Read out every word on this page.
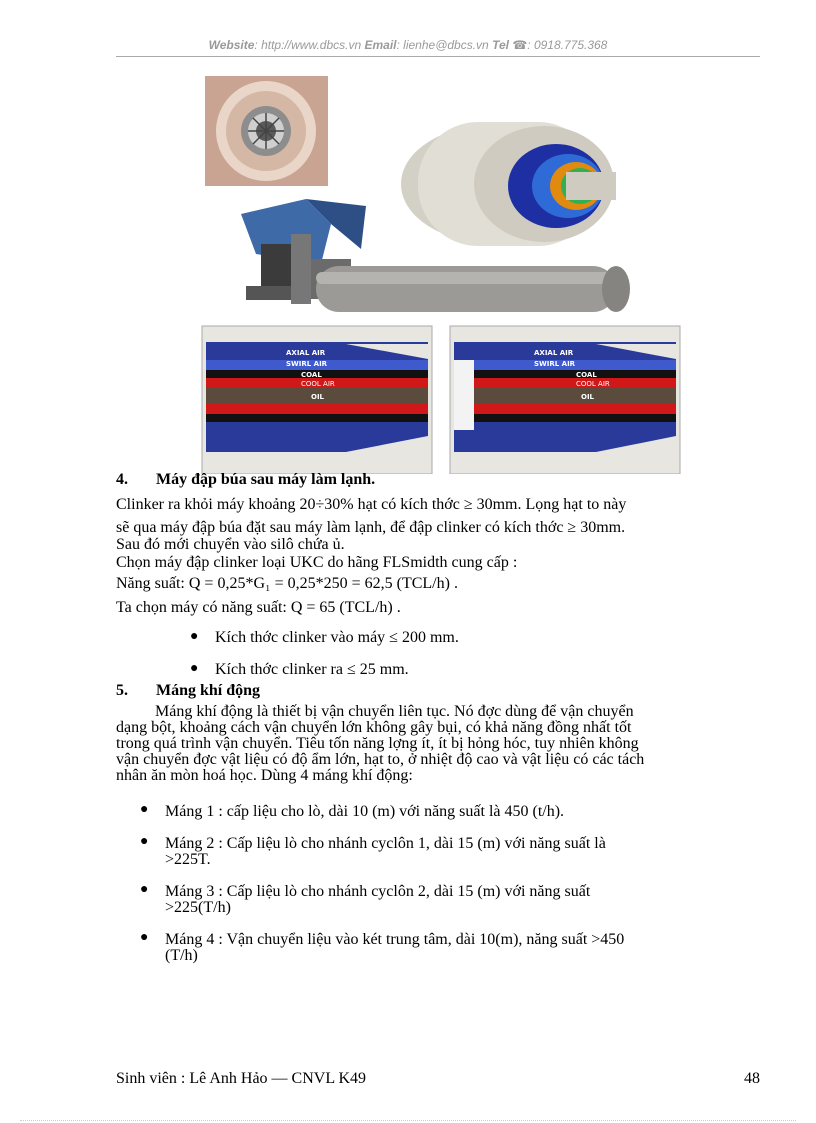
Website: http://www.dbcs.vn Email: lienhe@dbcs.vn Tel ☎: 0918.775.368
AXIAL AIR
SWIRL AIR
COAL
COOL AIR
OIL
AXIAL AIR
SWIRL AIR
COAL
COOL AIR
OIL
4. Máy đập búa sau máy làm lạnh.
Clinker ra khỏi máy khoảng 20÷30% hạt có kích thớc ≥ 30mm. Lọng hạt to này
sẽ qua máy đập búa đặt sau máy làm lạnh, để đập clinker có kích thớc ≥ 30mm.
Sau đó mới chuyển vào silô chứa ủ.
Chọn máy đập clinker loại UKC do hãng FLSmidth cung cấp :
Năng suất: Q = 0,25*G₁ = 0,25*250 = 62,5 (TCL/h) .
Ta chọn máy có năng suất: Q = 65 (TCL/h) .
● Kích thớc clinker vào máy ≤ 200 mm.
● Kích thớc clinker ra ≤ 25 mm.
5. Máng khí động
Máng khí động là thiết bị vận chuyển liên tục. Nó đợc dùng để vận chuyển
dạng bột, khoảng cách vận chuyển lớn không gây bụi, có khả năng đồng nhất tốt
trong quá trình vận chuyển. Tiêu tốn năng lợng ít, ít bị hỏng hóc, tuy nhiên không
vận chuyển đợc vật liệu có độ ẩm lớn, hạt to, ở nhiệt độ cao và vật liệu có các tách
nhân ăn mòn hoá học. Dùng 4 máng khí động:
● Máng 1 : cấp liệu cho lò, dài 10 (m) với năng suất là 450 (t/h).
● Máng 2 : Cấp liệu lò cho nhánh cyclôn 1, dài 15 (m) với năng suất là
>225T.
● Máng 3 : Cấp liệu lò cho nhánh cyclôn 2, dài 15 (m) với năng suất
>225(T/h)
● Máng 4 : Vận chuyển liệu vào két trung tâm, dài 10(m), năng suất >450
(T/h)
Sinh viên : Lê Anh Hảo — CNVL K49	48
